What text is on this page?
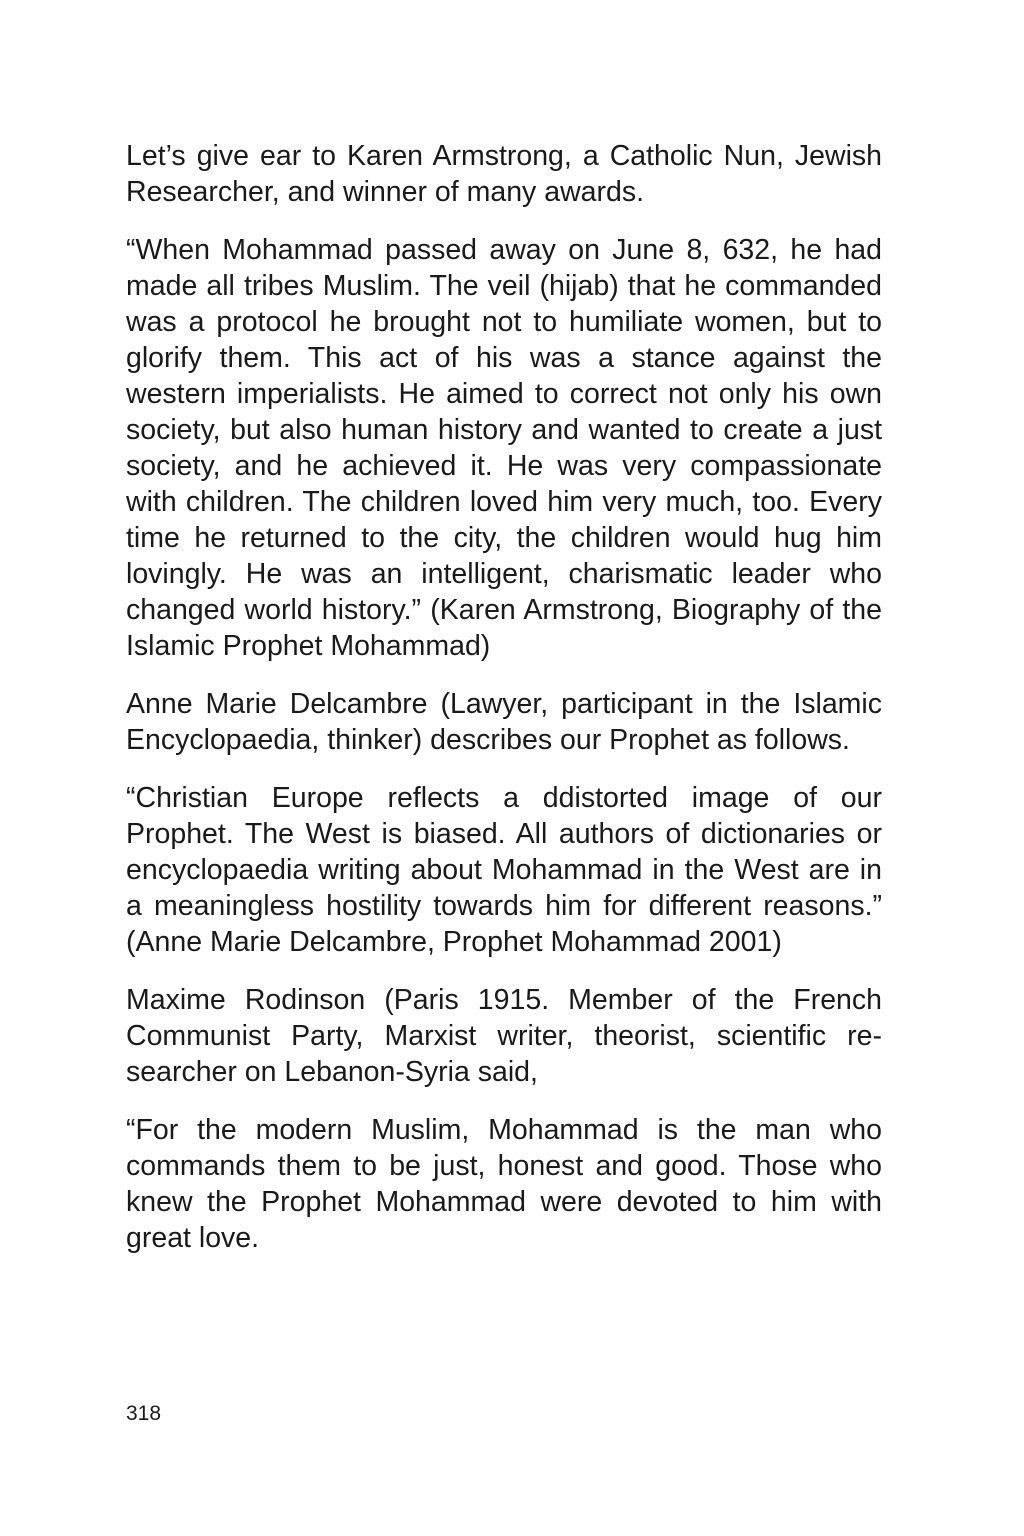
Let’s give ear to Karen Armstrong, a Catholic Nun, Jewish Researcher, and winner of many awards.

“When Mohammad passed away on June 8, 632, he had made all tribes Muslim. The veil (hijab) that he commanded was a protocol he brought not to humiliate women, but to glorify them. This act of his was a stance against the western imperialists. He aimed to correct not only his own society, but also human history and wanted to create a just society, and he achieved it. He was very compassionate with children. The children loved him very much, too. Every time he returned to the city, the children would hug him lovingly. He was an intelligent, charismatic leader who changed world history.” (Karen Armstrong, Biography of the Islamic Prophet Mohammad)

Anne Marie Delcambre (Lawyer, participant in the Islamic Encyclopaedia, thinker) describes our Prophet as follows.

“Christian Europe reflects a ddistorted image of our Prophet. The West is biased. All authors of dictionaries or encyclopaedia writing about Mohammad in the West are in a meaningless hostility towards him for different reasons.” (Anne Marie Delcambre, Prophet Mohammad 2001)

Maxime Rodinson (Paris 1915. Member of the French Communist Party, Marxist writer, theorist, scientific researcher on Lebanon-Syria said,

“For the modern Muslim, Mohammad is the man who commands them to be just, honest and good. Those who knew the Prophet Mohammad were devoted to him with great love.

318
